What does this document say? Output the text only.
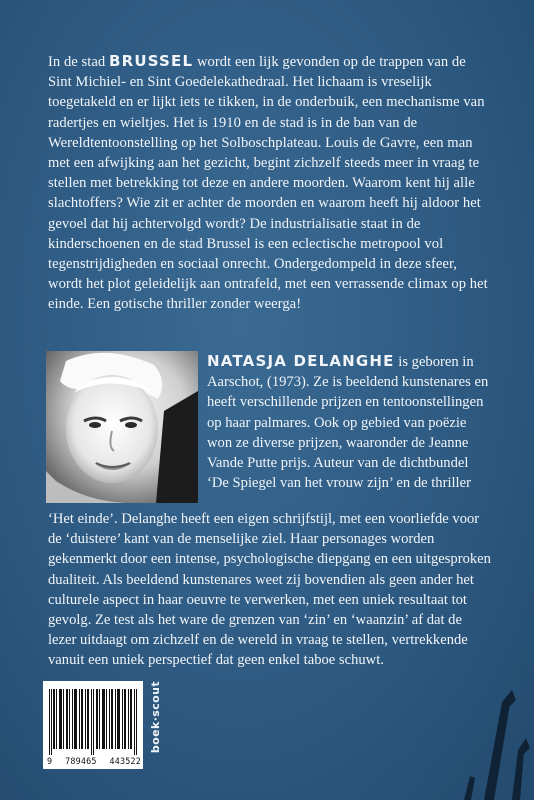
In de stad BRUSSEL wordt een lijk gevonden op de trappen van de Sint Michiel- en Sint Goedelekathedraal. Het lichaam is vreselijk toegetakeld en er lijkt iets te tikken, in de onderbuik, een mechanisme van radertjes en wieltjes. Het is 1910 en de stad is in de ban van de Wereldtentoonstelling op het Solboschplateau. Louis de Gavre, een man met een afwijking aan het gezicht, begint zichzelf steeds meer in vraag te stellen met betrekking tot deze en andere moorden. Waarom kent hij alle slachtoffers? Wie zit er achter de moorden en waarom heeft hij aldoor het gevoel dat hij achtervolgd wordt? De industrialisatie staat in de kinderschoenen en de stad Brussel is een eclectische metropool vol tegenstrijdigheden en sociaal onrecht. Ondergedompeld in deze sfeer, wordt het plot geleidelijk aan ontrafeld, met een verrassende climax op het einde. Een gotische thriller zonder weerga!
NATASJA DELANGHE is geboren in Aarschot, (1973). Ze is beeldend kunstenares en heeft verschillende prijzen en tentoonstellingen op haar palmares. Ook op gebied van poëzie won ze diverse prijzen, waaronder de Jeanne Vande Putte prijs. Auteur van de dichtbundel ‘De Spiegel van het vrouw zijn’ en de thriller
‘Het einde’. Delanghe heeft een eigen schrijfstijl, met een voorliefde voor de ‘duistere’ kant van de menselijke ziel. Haar personages worden gekenmerkt door een intense, psychologische diepgang en een uitgesproken dualiteit. Als beeldend kunstenares weet zij bovendien als geen ander het culturele aspect in haar oeuvre te verwerken, met een uniek resultaat tot gevolg. Ze test als het ware de grenzen van ‘zin’ en ‘waanzin’ af dat de lezer uitdaagt om zichzelf en de wereld in vraag te stellen, vertrekkende vanuit een uniek perspectief dat geen enkel taboe schuwt.
9 789465 443522
boek·scout
